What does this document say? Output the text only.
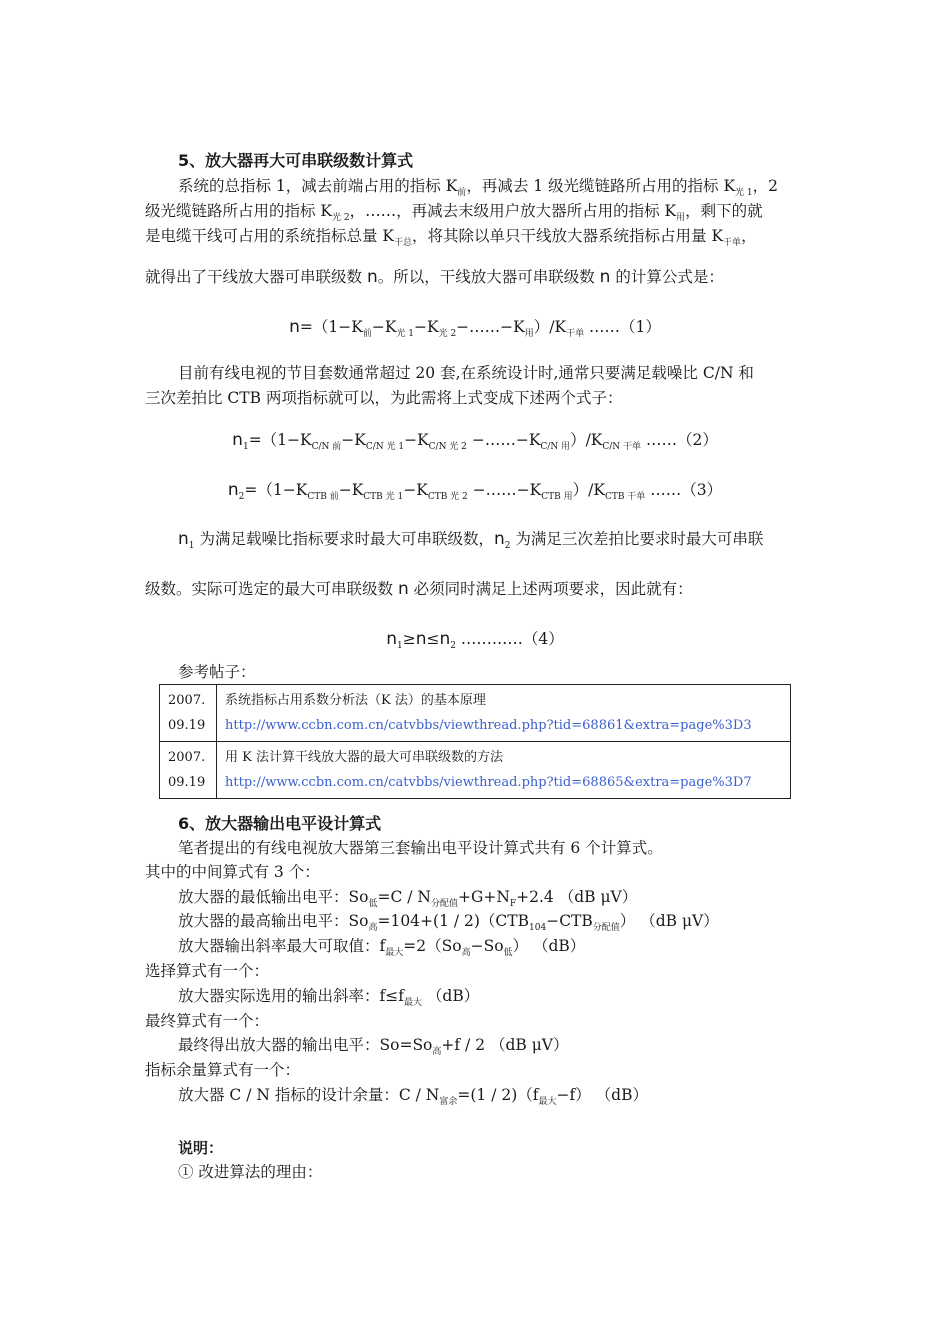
5、放大器再大可串联级数计算式
系统的总指标 1，减去前端占用的指标 $K_前$，再减去 1 级光缆链路所占用的指标 $K_{光 1}$，2
级光缆链路所占用的指标 $K_{光 2}$，……，再减去末级用户放大器所占用的指标 $K_用$，剩下的就
是电缆干线可占用的系统指标总量 $K_{干总}$，将其除以单只干线放大器系统指标占用量 $K_{干单}$，
就得出了干线放大器可串联级数 n。所以，干线放大器可串联级数 n 的计算公式是：
$n=(1-K_前-K_{光 1}-K_{光 2}-\dots\dots-K_用)/K_{干单}$ ……（1）
目前有线电视的节目套数通常超过 20 套,在系统设计时,通常只要满足载噪比 C/N 和
三次差拍比 CTB 两项指标就可以，为此需将上式变成下述两个式子：
$n_1=(1-K_{C/N 前}-K_{C/N 光 1}-K_{C/N 光 2}$ $-\dots\dots-K_{C/N 用})/K_{C/N 干单}$ ……（2）
$n_2=(1-K_{CTB 前}-K_{CTB 光 1}-K_{CTB 光 2}$ $-\dots\dots-K_{CTB 用})/K_{CTB 干单}$ ……（3）
$n_1$ 为满足载噪比指标要求时最大可串联级数，$n_2$ 为满足三次差拍比要求时最大可串联
级数。实际可选定的最大可串联级数 n 必须同时满足上述两项要求，因此就有：
$n_1\ge n\le n_2$ …………（4）
参考帖子：
2007.
09.19	系统指标占用系数分析法（K 法）的基本原理
http://www.ccbn.com.cn/catvbbs/viewthread.php?tid=68861&extra=page%3D3
2007.
09.19	用 K 法计算干线放大器的最大可串联级数的方法
http://www.ccbn.com.cn/catvbbs/viewthread.php?tid=68865&extra=page%3D7
6、放大器输出电平设计算式
笔者提出的有线电视放大器第三套输出电平设计算式共有 6 个计算式。
其中的中间算式有 3 个：
放大器的最低输出电平：$So_低=C / N_{分配值}+G+N_F+2.4$ （dB μV）
放大器的最高输出电平：$So_高=104+(1 / 2)(CTB_{104}-CTB_{分配值})$ （dB μV）
放大器输出斜率最大可取值：$f_{最大}=2(So_高-So_低)$ （dB）
选择算式有一个：
放大器实际选用的输出斜率：$f\le f_{最大}$ （dB）
最终算式有一个：
最终得出放大器的输出电平：$So=So_高+f / 2$ （dB μV）
指标余量算式有一个：
放大器 C / N 指标的设计余量：$C / N_{富余}=(1 / 2)(f_{最大}-f)$ （dB）
说明：
① 改进算法的理由：
